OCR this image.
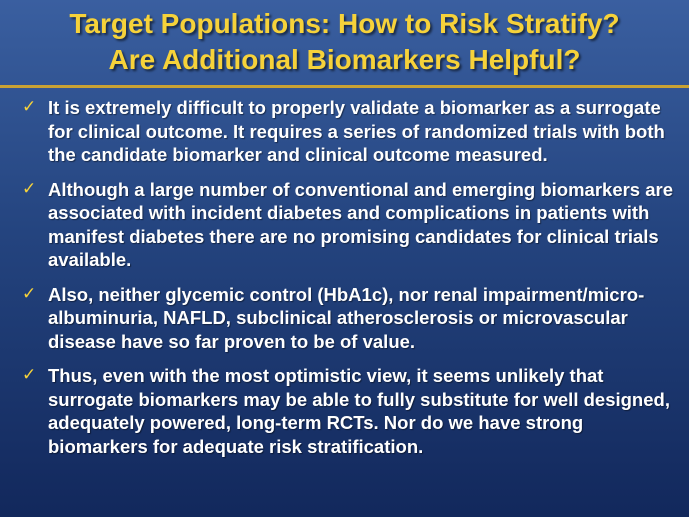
Target Populations: How to Risk Stratify?
Are Additional Biomarkers Helpful?
✓ It is extremely difficult to properly validate a biomarker as a surrogate for clinical outcome. It requires a series of randomized trials with both the candidate biomarker and clinical outcome measured.
✓ Although a large number of conventional and emerging biomarkers are associated with incident diabetes and complications in patients with manifest diabetes there are no promising candidates for clinical trials available.
✓ Also, neither glycemic control (HbA1c), nor renal impairment/micro-albuminuria, NAFLD, subclinical atherosclerosis or microvascular disease have so far proven to be of value.
✓ Thus, even with the most optimistic view, it seems unlikely that surrogate biomarkers may be able to fully substitute for well designed, adequately powered, long-term RCTs. Nor do we have strong biomarkers for adequate risk stratification.
